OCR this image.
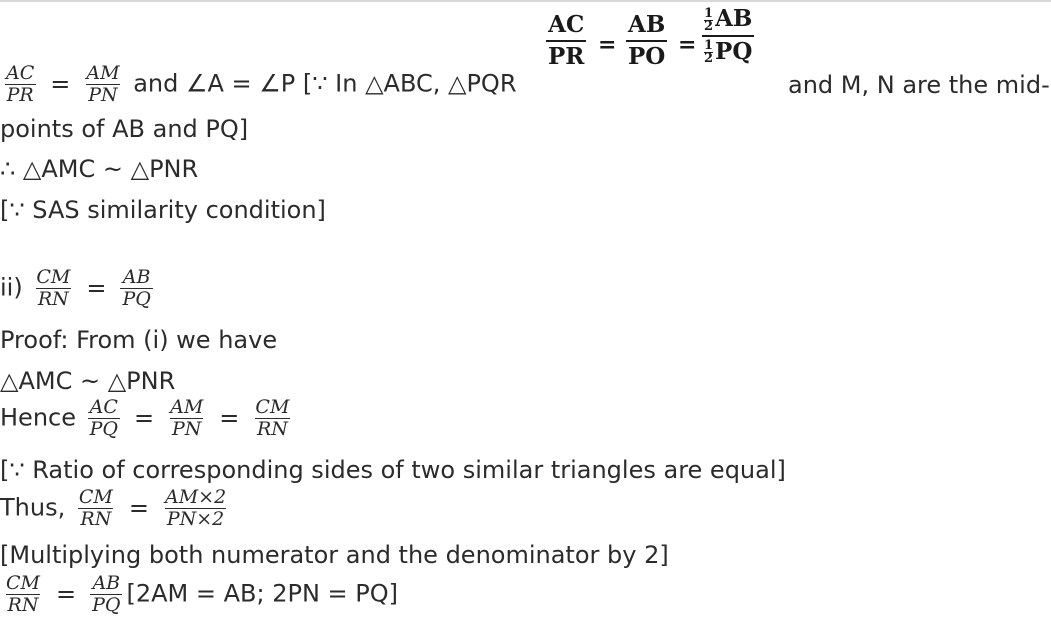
$\frac{AC}{PR} = \frac{AM}{PN}$ and ∠A = ∠P [∵ In △ABC, △PQR	and M, N are the mid-
$\frac{AC}{PR} = \frac{AB}{PO} = \frac{\frac{1}{2} AB}{\frac{1}{2} PQ}$
points of AB and PQ]
∴ △AMC ~ △PNR
[∵ SAS similarity condition]
$ii) \frac{CM}{RN} = \frac{AB}{PQ}$
Proof: From (i) we have
△AMC ~ △PNR
Hence $\frac{AC}{PQ} = \frac{AM}{PN} = \frac{CM}{RN}$
[∵ Ratio of corresponding sides of two similar triangles are equal]
Thus, $\frac{CM}{RN} = \frac{AM\times 2}{PN\times 2}$
[Multiplying both numerator and the denominator by 2]
$\frac{CM}{RN} = \frac{AB}{PQ} [2AM$ = AB; 2PN = PQ]
